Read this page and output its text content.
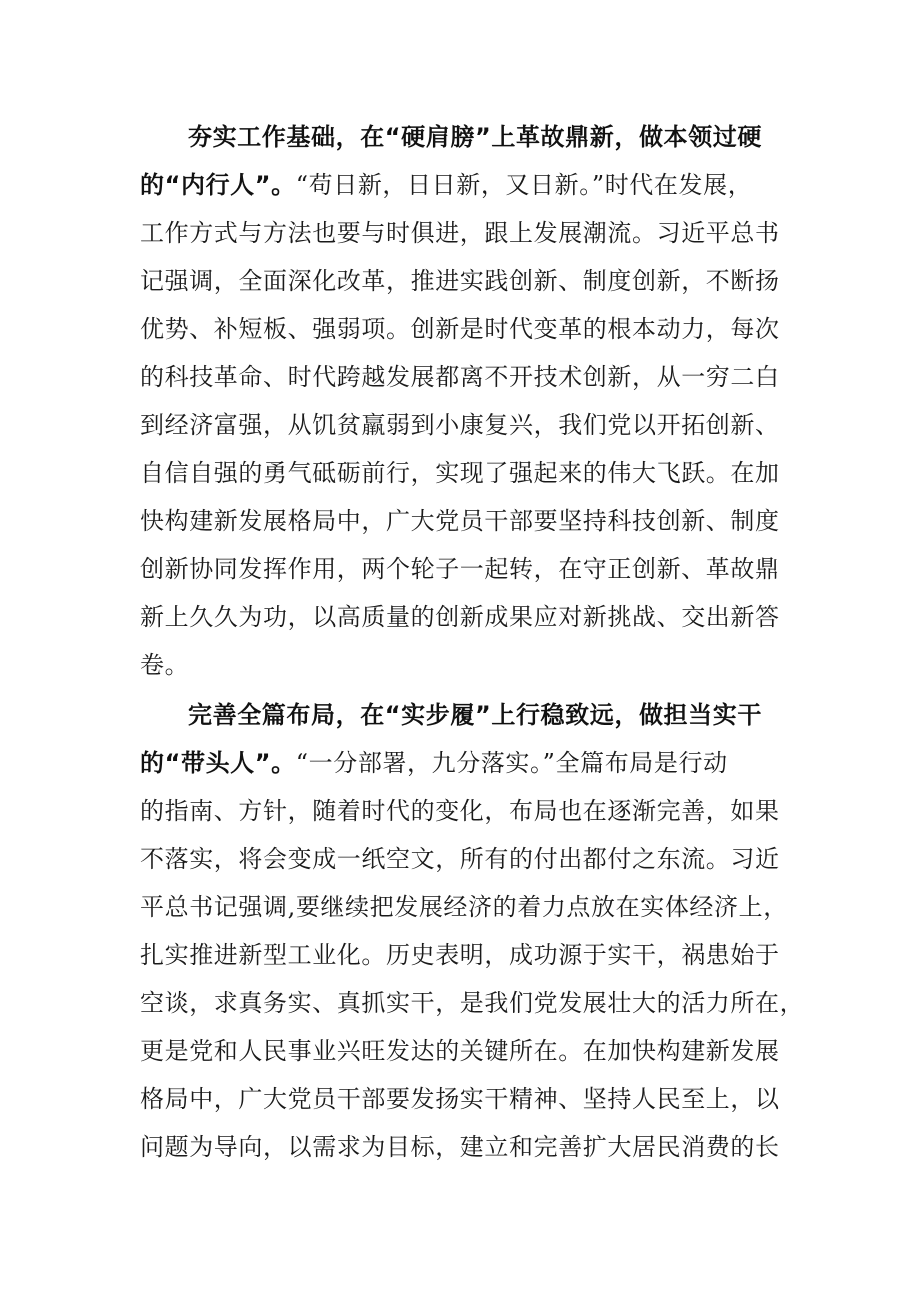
夯实工作基础，在“硬肩膀”上革故鼎新，做本领过硬
的“内行人”。“苟日新，日日新，又日新。”时代在发展，
工作方式与方法也要与时俱进，跟上发展潮流。习近平总书
记强调，全面深化改革，推进实践创新、制度创新，不断扬
优势、补短板、强弱项。创新是时代变革的根本动力，每次
的科技革命、时代跨越发展都离不开技术创新，从一穷二白
到经济富强，从饥贫羸弱到小康复兴，我们党以开拓创新、
自信自强的勇气砥砺前行，实现了强起来的伟大飞跃。在加
快构建新发展格局中，广大党员干部要坚持科技创新、制度
创新协同发挥作用，两个轮子一起转，在守正创新、革故鼎
新上久久为功，以高质量的创新成果应对新挑战、交出新答
卷。
完善全篇布局，在“实步履”上行稳致远，做担当实干
的“带头人”。“一分部署，九分落实。”全篇布局是行动
的指南、方针，随着时代的变化，布局也在逐渐完善，如果
不落实，将会变成一纸空文，所有的付出都付之东流。习近
平总书记强调,要继续把发展经济的着力点放在实体经济上，
扎实推进新型工业化。历史表明，成功源于实干，祸患始于
空谈，求真务实、真抓实干，是我们党发展壮大的活力所在，
更是党和人民事业兴旺发达的关键所在。在加快构建新发展
格局中，广大党员干部要发扬实干精神、坚持人民至上，以
问题为导向，以需求为目标，建立和完善扩大居民消费的长
